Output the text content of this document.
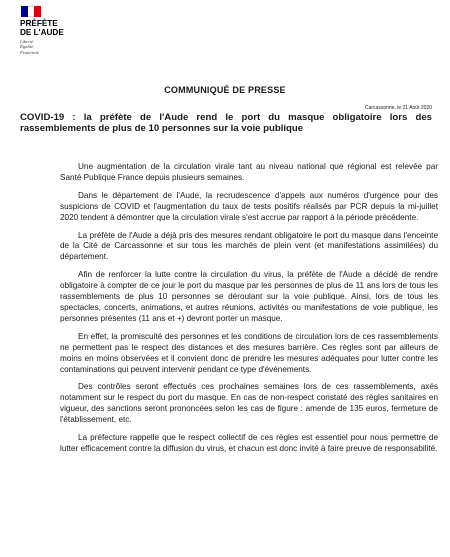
PRÉFÈTE
DE L'AUDE
Liberté
Égalité
Fraternité
COMMUNIQUÉ DE PRESSE
Carcassonne, le 21 Août 2020
COVID-19 : la préfète de l'Aude rend le port du masque obligatoire lors des rassemblements de plus de 10 personnes sur la voie publique

Une augmentation de la circulation virale tant au niveau national que régional est relevée par Santé Publique France depuis plusieurs semaines.

Dans le département de l'Aude, la recrudescence d'appels aux numéros d'urgence pour des suspicions de COVID et l'augmentation du taux de tests positifs réalisés par PCR depuis la mi-juillet 2020 tendent à démontrer que la circulation virale s'est accrue par rapport à la période précédente.

La préfète de l'Aude a déjà pris des mesures rendant obligatoire le port du masque dans l'enceinte de la Cité de Carcassonne et sur tous les marchés de plein vent (et manifestations assimilées) du département.

Afin de renforcer la lutte contre la circulation du virus, la préfète de l'Aude a décidé de rendre obligatoire à compter de ce jour le port du masque par les personnes de plus de 11 ans lors de tous les rassemblements de plus 10 personnes se déroulant sur la voie publique. Ainsi, lors de tous les spectacles, concerts, animations, et autres réunions, activités ou manifestations de voie publique, les personnes présentes (11 ans et +) devront porter un masque.

En effet, la promiscuité des personnes et les conditions de circulation lors de ces rassemblements ne permettent pas le respect des distances et des mesures barrière. Ces règles sont par ailleurs de moins en moins observées et il convient donc de prendre les mesures adéquates pour lutter contre les contaminations qui peuvent intervenir pendant ce type d'événements.

Des contrôles seront effectués ces prochaines semaines lors de ces rassemblements, axés notamment sur le respect du port du masque. En cas de non-respect constaté des règles sanitaires en vigueur, des sanctions seront prononcées selon les cas de figure : amende de 135 euros, fermeture de l'établissement, etc.

La préfecture rappelle que le respect collectif de ces règles est essentiel pour nous permettre de lutter efficacement contre la diffusion du virus, et chacun est donc invité à faire preuve de responsabilité.
